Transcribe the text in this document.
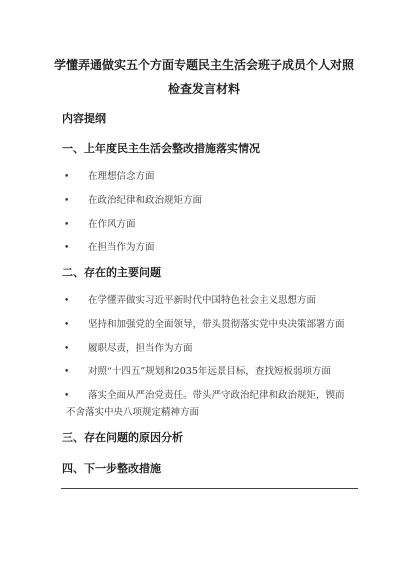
学懂弄通做实五个方面专题民主生活会班子成员个人对照
检查发言材料
内容提纲
一、上年度民主生活会整改措施落实情况
• 在理想信念方面
• 在政治纪律和政治规矩方面
• 在作风方面
• 在担当作为方面
二、存在的主要问题
• 在学懂弄做实习近平新时代中国特色社会主义思想方面
• 坚持和加强党的全面领导，带头贯彻落实党中央决策部署方面
• 履职尽责，担当作为方面
• 对照“十四五”规划和2035年远景目标，查找短板弱项方面
• 落实全面从严治党责任。带头严守政治纪律和政治规矩，锲而
不舍落实中央八项规定精神方面
三、存在问题的原因分析
四、下一步整改措施
